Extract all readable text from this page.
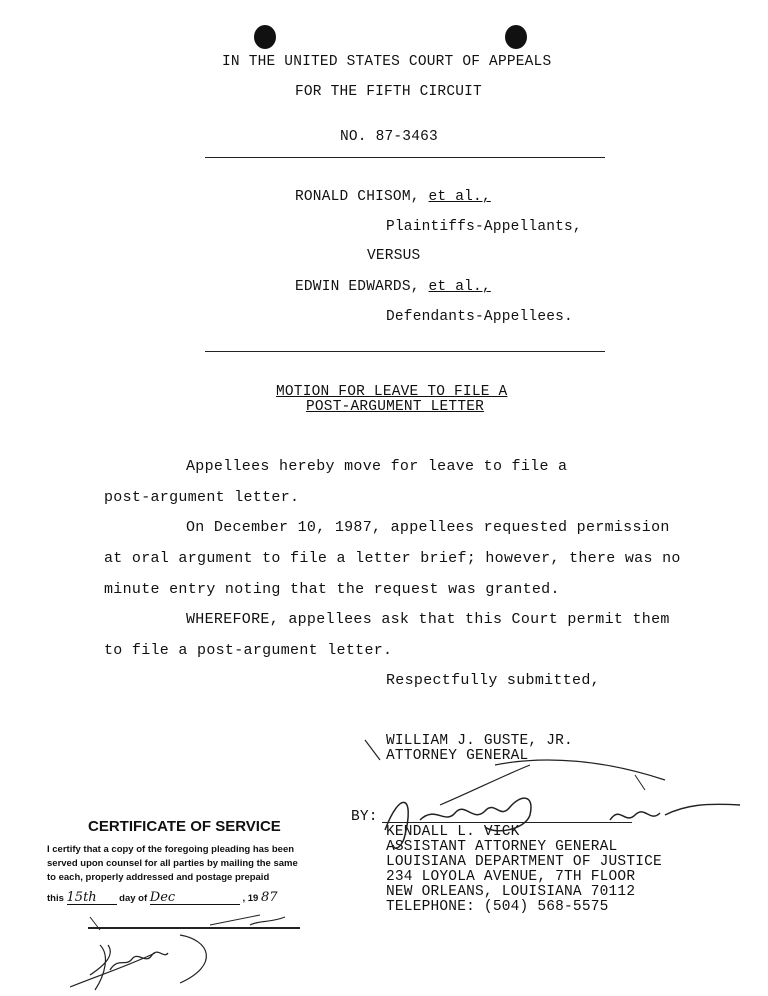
IN THE UNITED STATES COURT OF APPEALS
FOR THE FIFTH CIRCUIT
NO. 87-3463
RONALD CHISOM, et al.,
Plaintiffs-Appellants,
VERSUS
EDWIN EDWARDS, et al.,
Defendants-Appellees.
MOTION FOR LEAVE TO FILE A
POST-ARGUMENT LETTER
Appellees hereby move for leave to file a
post-argument letter.
On December 10, 1987, appellees requested permission
at oral argument to file a letter brief; however, there was no
minute entry noting that the request was granted.
WHEREFORE, appellees ask that this Court permit them
to file a post-argument letter.
Respectfully submitted,
WILLIAM J. GUSTE, JR.
ATTORNEY GENERAL
BY:
KENDALL L. VICK
ASSISTANT ATTORNEY GENERAL
LOUISIANA DEPARTMENT OF JUSTICE
234 LOYOLA AVENUE, 7TH FLOOR
NEW ORLEANS, LOUISIANA 70112
TELEPHONE: (504) 568-5575
CERTIFICATE OF SERVICE
I certify that a copy of the foregoing pleading has been
served upon counsel for all parties by mailing the same
to each, properly addressed and postage prepaid
this 15th day of Dec	, 19 87
